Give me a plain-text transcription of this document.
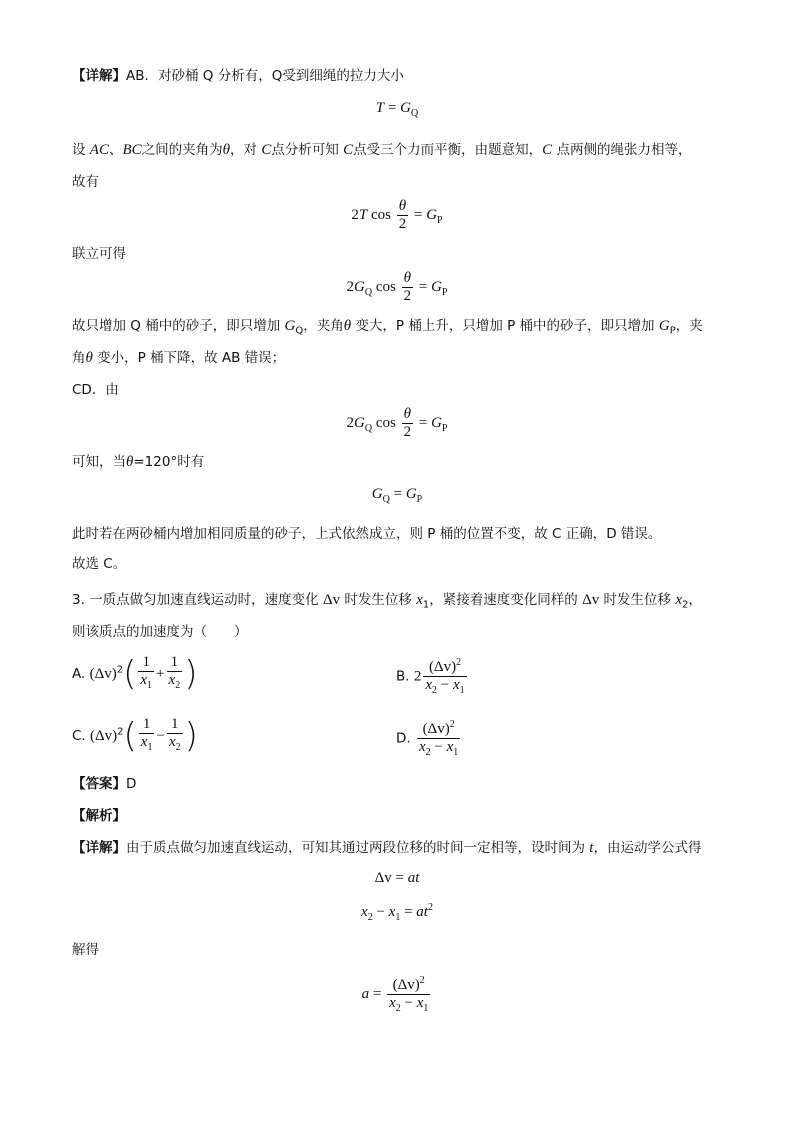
【详解】AB．对砂桶 Q 分析有，Q受到细绳的拉力大小
$T = G_Q$
设 AC、BC之间的夹角为θ，对 C点分析可知 C点受三个力而平衡，由题意知，C 点两侧的绳张力相等，
故有
2T $\cos \frac{\theta}{2} = G_P$
联立可得
$2G_Q$ $\cos \frac{\theta}{2} = G_P$
故只增加 Q 桶中的砂子，即只增加 $G_Q$，夹角θ 变大，P 桶上升，只增加 P 桶中的砂子，即只增加 $G_P$，夹
角θ 变小，P 桶下降，故 AB 错误；
CD．由
$2G_Q$ $\cos \frac{\theta}{2} = G_P$
可知，当θ=120°时有
$G_Q = G_P$
此时若在两砂桶内增加相同质量的砂子，上式依然成立，则 P 桶的位置不变，故 C 正确，D 错误。
故选 C。
3. 一质点做匀加速直线运动时，速度变化 Δv 时发生位移 $x_1$，紧接着速度变化同样的 Δv 时发生位移 $x_2$，
则该质点的加速度为（　　）
A. $(\Delta v)^2( \frac{1}{x_1} + \frac{1}{x_2}$ )	B. $2 \frac{(\Delta v)^2}{x_2 - x_1}$
C. $(\Delta v)^2( \frac{1}{x_1} - \frac{1}{x_2}$ )	D. $\frac{(\Delta v)^2}{x_2 - x_1}$
【答案】D
【解析】
【详解】由于质点做匀加速直线运动，可知其通过两段位移的时间一定相等，设时间为 t，由运动学公式得
Δv = at
$x_2 - x_1 = at^2$
解得
$a = \frac{(\Delta v)^2}{x_2 - x_1}$
